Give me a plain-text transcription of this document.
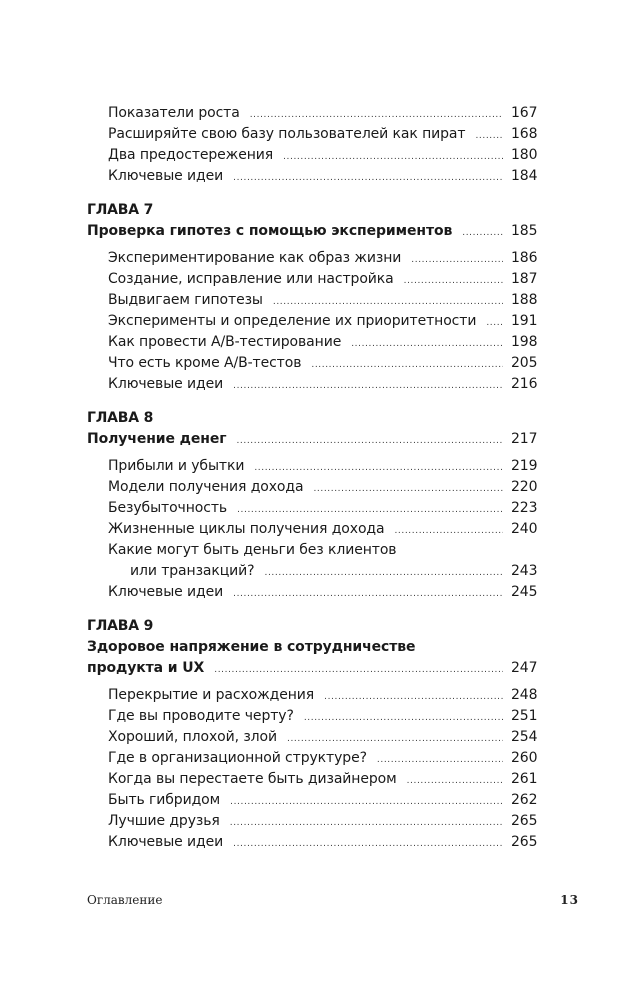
Показатели роста .....	167
Расширяйте свою базу пользователей как пират .....	168
Два предостережения .....	180
Ключевые идеи .....	184
ГЛАВА 7
Проверка гипотез с помощью экспериментов .....	185
Экспериментирование как образ жизни .....	186
Создание, исправление или настройка .....	187
Выдвигаем гипотезы .....	188
Эксперименты и определение их приоритетности ..... 191
Как провести A/B-тестирование .....	198
Что есть кроме A/B-тестов .....	205
Ключевые идеи .....	216
ГЛАВА 8
Получение денег .....	217
Прибыли и убытки .....	219
Модели получения дохода .....	220
Безубыточность .....	223
Жизненные циклы получения дохода .....	240
Какие могут быть деньги без клиентов
или транзакций? .....	243
Ключевые идеи .....	245
ГЛАВА 9
Здоровое напряжение в сотрудничестве
продукта и UX .....	247
Перекрытие и расхождения .....	248
Где вы проводите черту? .....	251
Хороший, плохой, злой .....	254
Где в организационной структуре? .....	260
Когда вы перестаете быть дизайнером .....	261
Быть гибридом .....	262
Лучшие друзья .....	265
Ключевые идеи .....	265
Оглавление	13
